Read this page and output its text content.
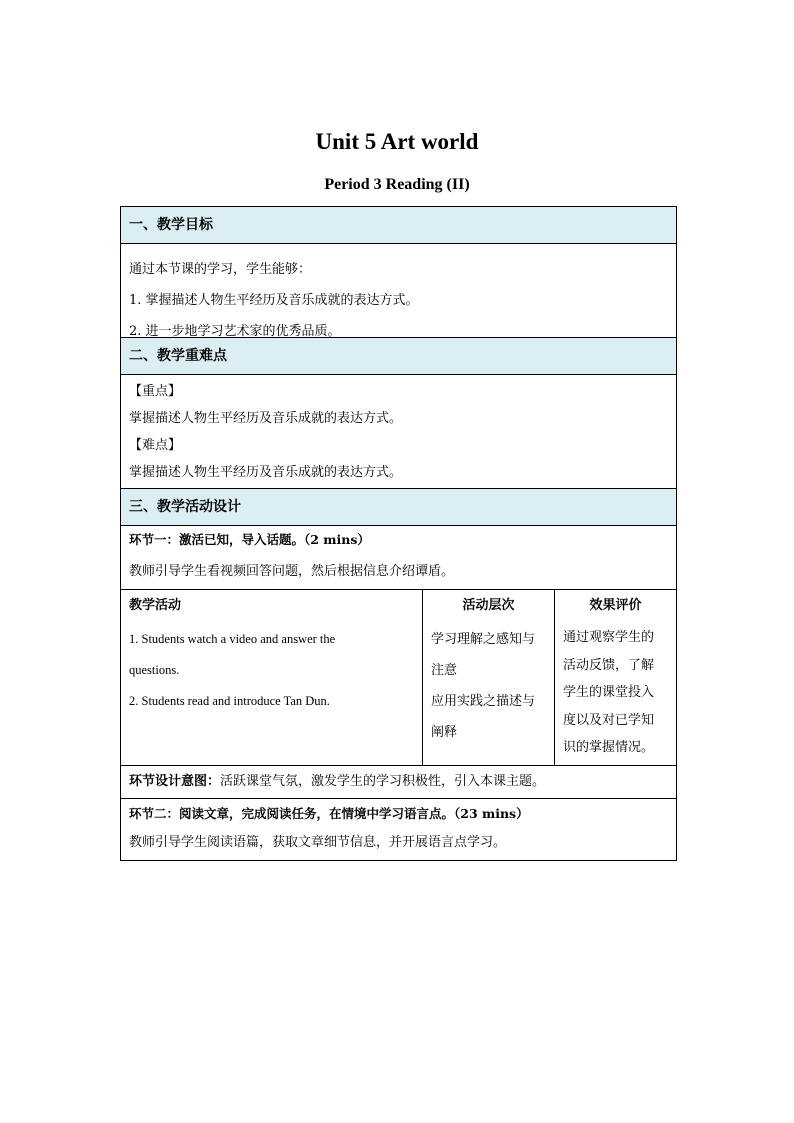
Unit 5 Art world
Period 3 Reading (II)
一、教学目标

通过本节课的学习，学生能够：

1. 掌握描述人物生平经历及音乐成就的表达方式。

2. 进一步地学习艺术家的优秀品质。

二、教学重难点

【重点】

掌握描述人物生平经历及音乐成就的表达方式。

【难点】

掌握描述人物生平经历及音乐成就的表达方式。

三、教学活动设计
环节一：激活已知，导入话题。（2 mins）
教师引导学生看视频回答问题，然后根据信息介绍谭盾。
教学活动
1. Students watch a video and answer the
questions.
2. Students read and introduce Tan Dun.
活动层次
学习理解之感知与
注意
应用实践之描述与
阐释
效果评价
通过观察学生的
活动反馈，了解
学生的课堂投入
度以及对已学知
识的掌握情况。
环节设计意图：活跃课堂气氛，激发学生的学习积极性，引入本课主题。
环节二：阅读文章，完成阅读任务，在情境中学习语言点。（23 mins）
教师引导学生阅读语篇，获取文章细节信息，并开展语言点学习。
